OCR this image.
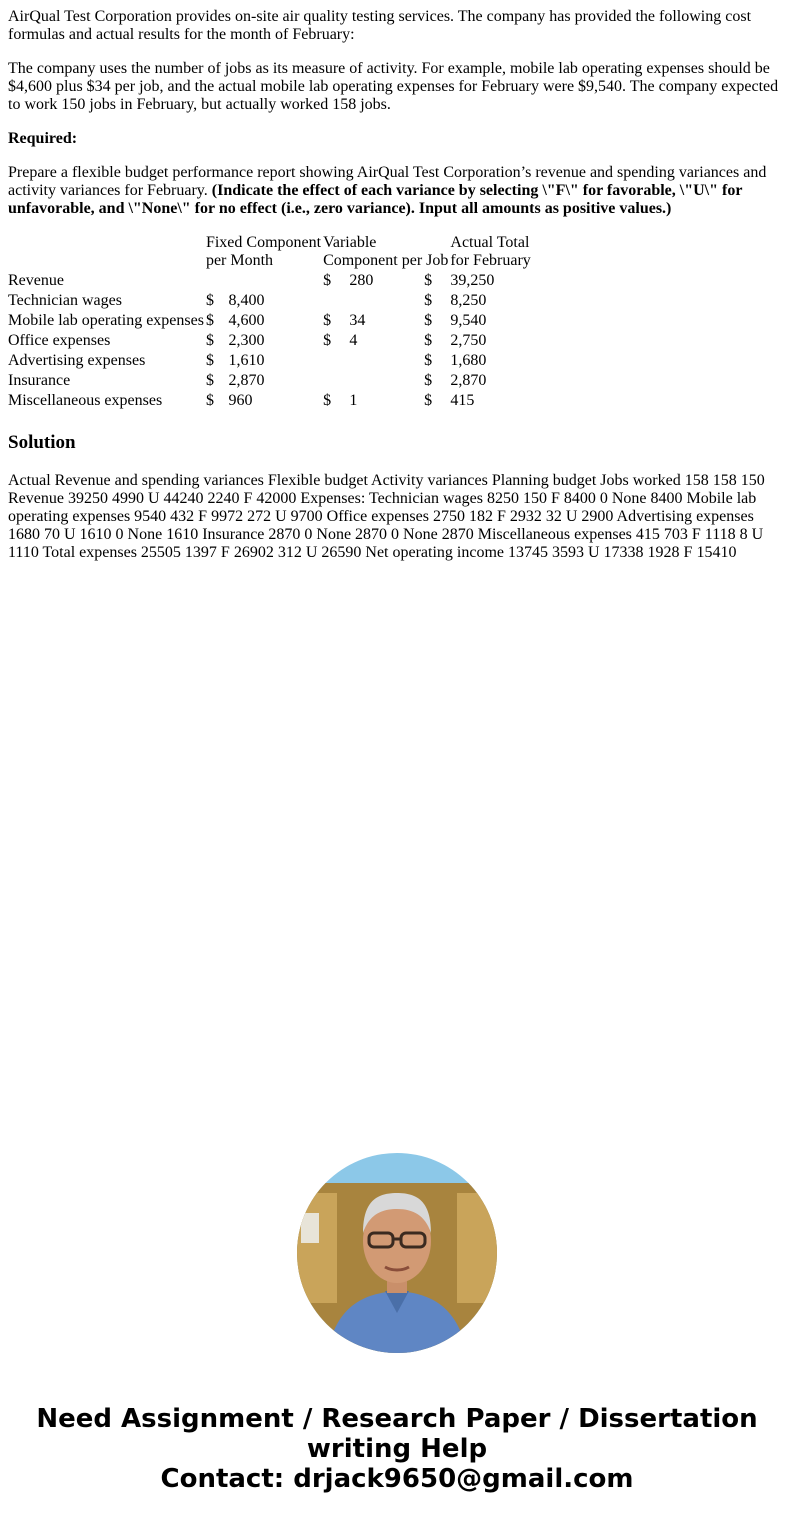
AirQual Test Corporation provides on-site air quality testing services. The company has provided the following cost formulas and actual results for the month of February:

The company uses the number of jobs as its measure of activity. For example, mobile lab operating expenses should be $4,600 plus $34 per job, and the actual mobile lab operating expenses for February were $9,540. The company expected to work 150 jobs in February, but actually worked 158 jobs.

Required:

Prepare a flexible budget performance report showing AirQual Test Corporation’s revenue and spending variances and activity variances for February. (Indicate the effect of each variance by selecting \"F\" for favorable, \"U\" for unfavorable, and \"None\" for no effect (i.e., zero variance). Input all amounts as positive values.)

	Fixed Component
per Month		Variable
Component per Job			Actual Total
for February
Revenue			$	280	$	39,250
Technician wages	$	8,400			$	8,250
Mobile lab operating expenses	$	4,600	$	34	$	9,540
Office expenses	$	2,300	$	4	$	2,750
Advertising expenses	$	1,610			$	1,680
Insurance	$	2,870			$	2,870
Miscellaneous expenses	$	960	$	1	$	415
Solution

Actual Revenue and spending variances Flexible budget Activity variances Planning budget Jobs worked 158 158 150 Revenue 39250 4990 U 44240 2240 F 42000 Expenses: Technician wages 8250 150 F 8400 0 None 8400 Mobile lab operating expenses 9540 432 F 9972 272 U 9700 Office expenses 2750 182 F 2932 32 U 2900 Advertising expenses 1680 70 U 1610 0 None 1610 Insurance 2870 0 None 2870 0 None 2870 Miscellaneous expenses 415 703 F 1118 8 U 1110 Total expenses 25505 1397 F 26902 312 U 26590 Net operating income 13745 3593 U 17338 1928 F 15410

Need Assignment / Research Paper / Dissertation
writing Help
Contact: drjack9650@gmail.com
